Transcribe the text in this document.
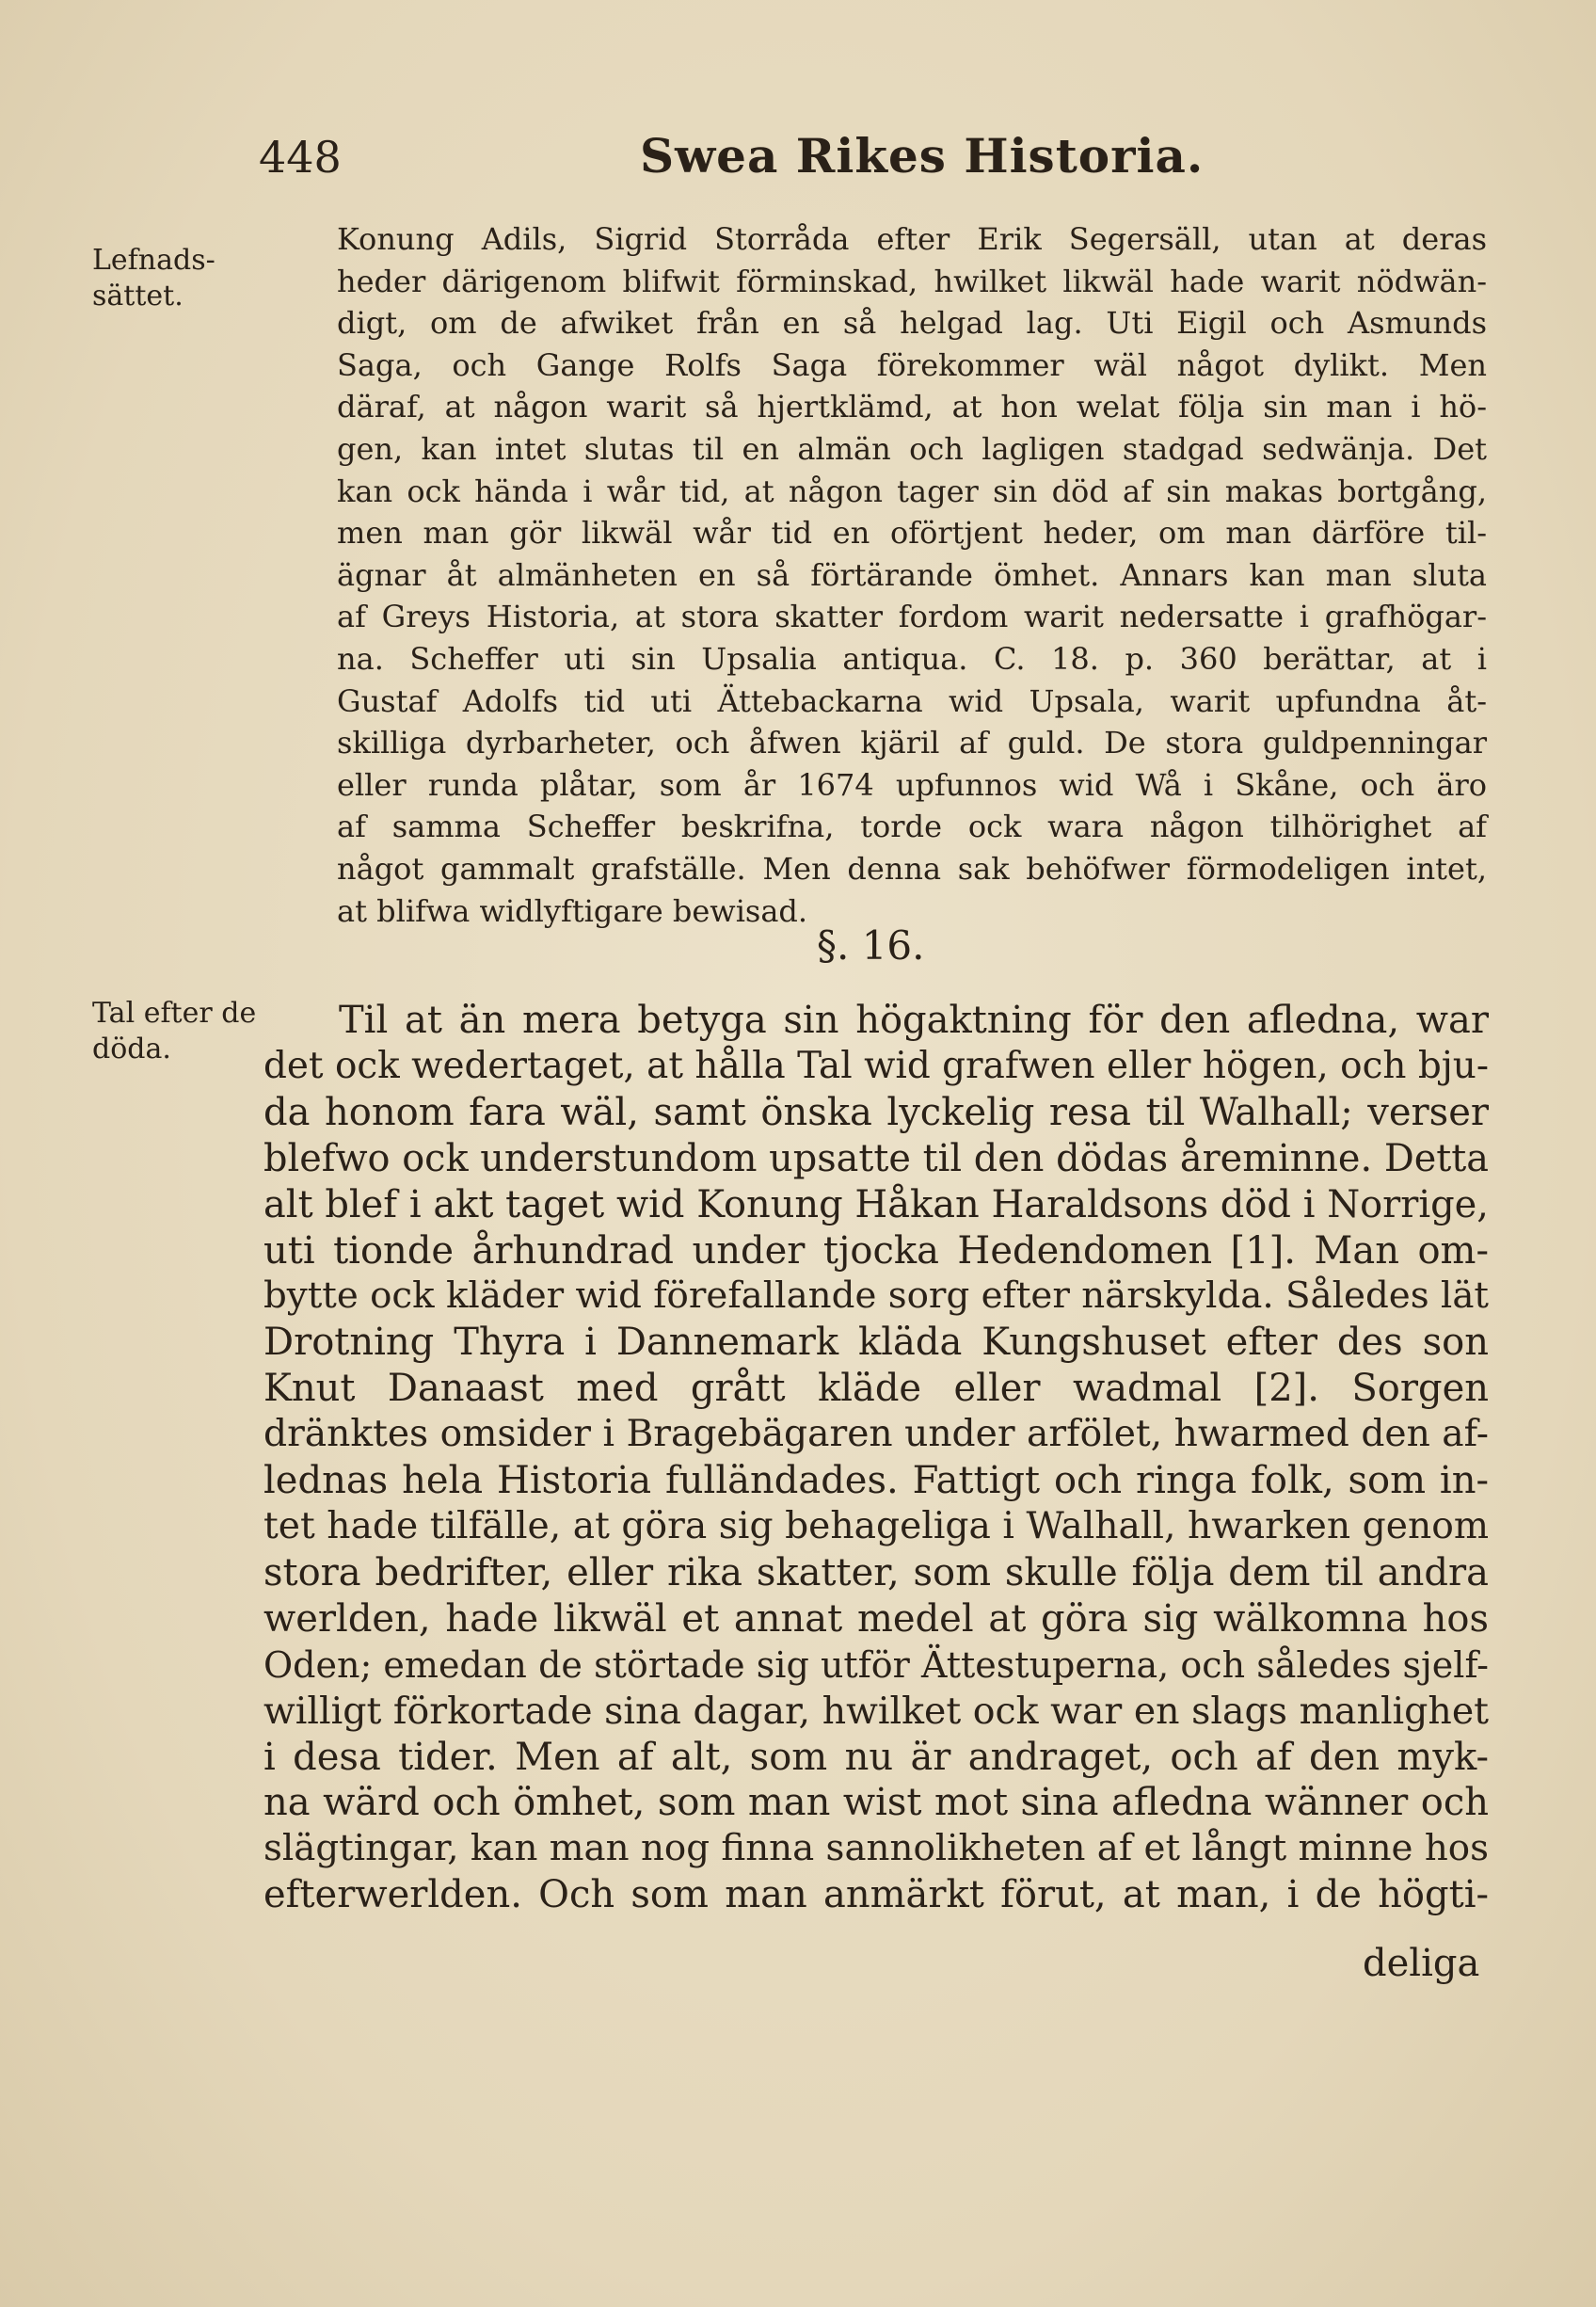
448	Swea Rikes Historia.
Lefnads-sättet.
Tal efter de döda.
Konung Adils, Sigrid Storråda efter Erik Segersäll, utan at deras
heder därigenom blifwit förminskad, hwilket likwäl hade warit nödwän-
digt, om de afwiket från en så helgad lag. Uti Eigil och Asmunds
Saga, och Gange Rolfs Saga förekommer wäl något dylikt. Men
däraf, at någon warit så hjertklämd, at hon welat följa sin man i hö-
gen, kan intet slutas til en almän och lagligen stadgad sedwänja. Det
kan ock hända i wår tid, at någon tager sin död af sin makas bortgång,
men man gör likwäl wår tid en oförtjent heder, om man därföre til-
ägnar åt almänheten en så förtärande ömhet. Annars kan man sluta
af Greys Historia, at stora skatter fordom warit nedersatte i grafhögar-
na. Scheffer uti sin Upsalia antiqua. C. 18. p. 360 berättar, at i
Gustaf Adolfs tid uti Ättebackarna wid Upsala, warit upfundna åt-
skilliga dyrbarheter, och åfwen kjäril af guld. De stora guldpenningar
eller runda plåtar, som år 1674 upfunnos wid Wå i Skåne, och äro
af samma Scheffer beskrifna, torde ock wara någon tilhörighet af
något gammalt grafställe. Men denna sak behöfwer förmodeligen intet,
at blifwa widlyftigare bewisad.
§. 16.
Til at än mera betyga sin högaktning för den afledna, war
det ock wedertaget, at hålla Tal wid grafwen eller högen, och bju-
da honom fara wäl, samt önska lyckelig resa til Walhall; verser
blefwo ock understundom upsatte til den dödas åreminne. Detta
alt blef i akt taget wid Konung Håkan Haraldsons död i Norrige,
uti tionde århundrad under tjocka Hedendomen [1]. Man om-
bytte ock kläder wid förefallande sorg efter närskylda. Således lät
Drotning Thyra i Dannemark kläda Kungshuset efter des son
Knut Danaast med grått kläde eller wadmal [2]. Sorgen
dränktes omsider i Bragebägaren under arfölet, hwarmed den af-
lednas hela Historia fulländades. Fattigt och ringa folk, som in-
tet hade tilfälle, at göra sig behageliga i Walhall, hwarken genom
stora bedrifter, eller rika skatter, som skulle följa dem til andra
werlden, hade likwäl et annat medel at göra sig wälkomna hos
Oden; emedan de störtade sig utför Ättestuperna, och således sjelf-
willigt förkortade sina dagar, hwilket ock war en slags manlighet
i desa tider. Men af alt, som nu är andraget, och af den myk-
na wärd och ömhet, som man wist mot sina afledna wänner och
slägtingar, kan man nog finna sannolikheten af et långt minne hos
efterwerlden. Och som man anmärkt förut, at man, i de högti-
deliga
